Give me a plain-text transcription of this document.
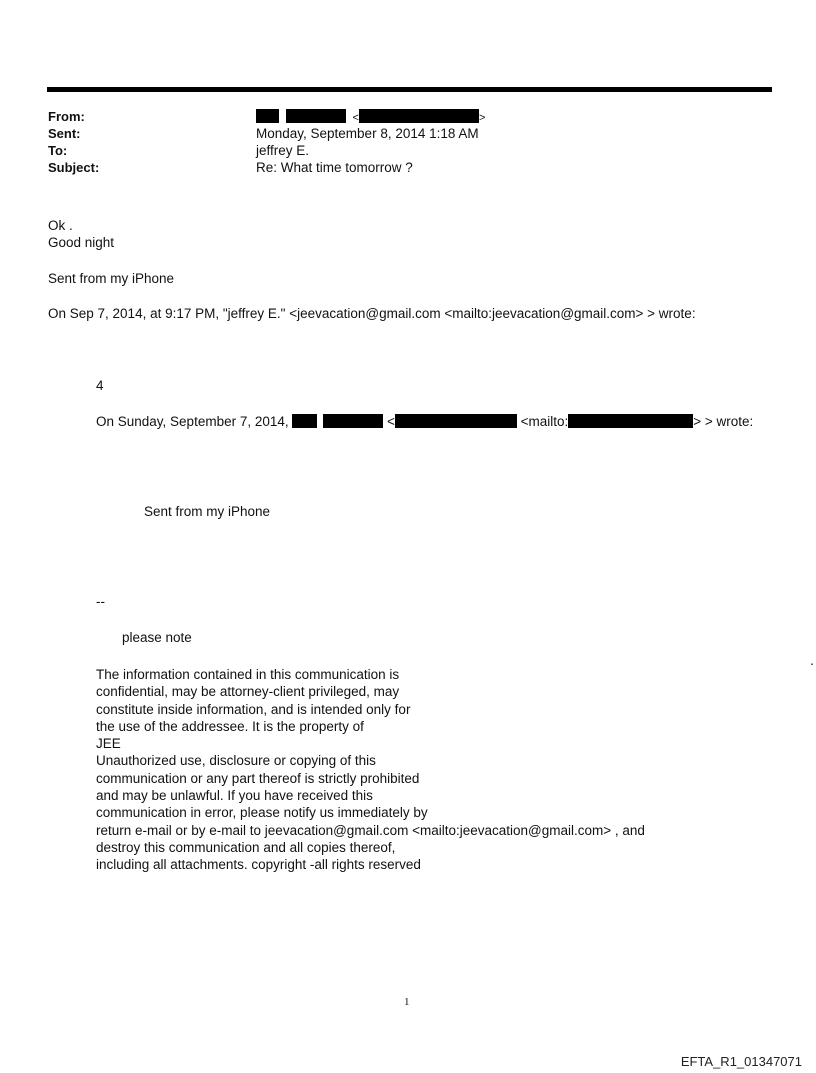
From:	<	>
Sent:	Monday, September 8, 2014 1:18 AM
To:	jeffrey E.
Subject:	Re: What time tomorrow ?
Ok .
Good night
Sent from my iPhone
On Sep 7, 2014, at 9:17 PM, "jeffrey E." <jeevacation@gmail.com <mailto:jeevacation@gmail.com> > wrote:
4
On Sunday, September 7, 2014,	<	<mailto:	> > wrote:
Sent from my iPhone
--
please note
The information contained in this communication is
confidential, may be attorney-client privileged, may
constitute inside information, and is intended only for
the use of the addressee. It is the property of
JEE
Unauthorized use, disclosure or copying of this
communication or any part thereof is strictly prohibited
and may be unlawful. If you have received this
communication in error, please notify us immediately by
return e-mail or by e-mail to jeevacation@gmail.com <mailto:jeevacation@gmail.com> , and
destroy this communication and all copies thereof,
including all attachments. copyright -all rights reserved
.
1
EFTA_R1_01347071
